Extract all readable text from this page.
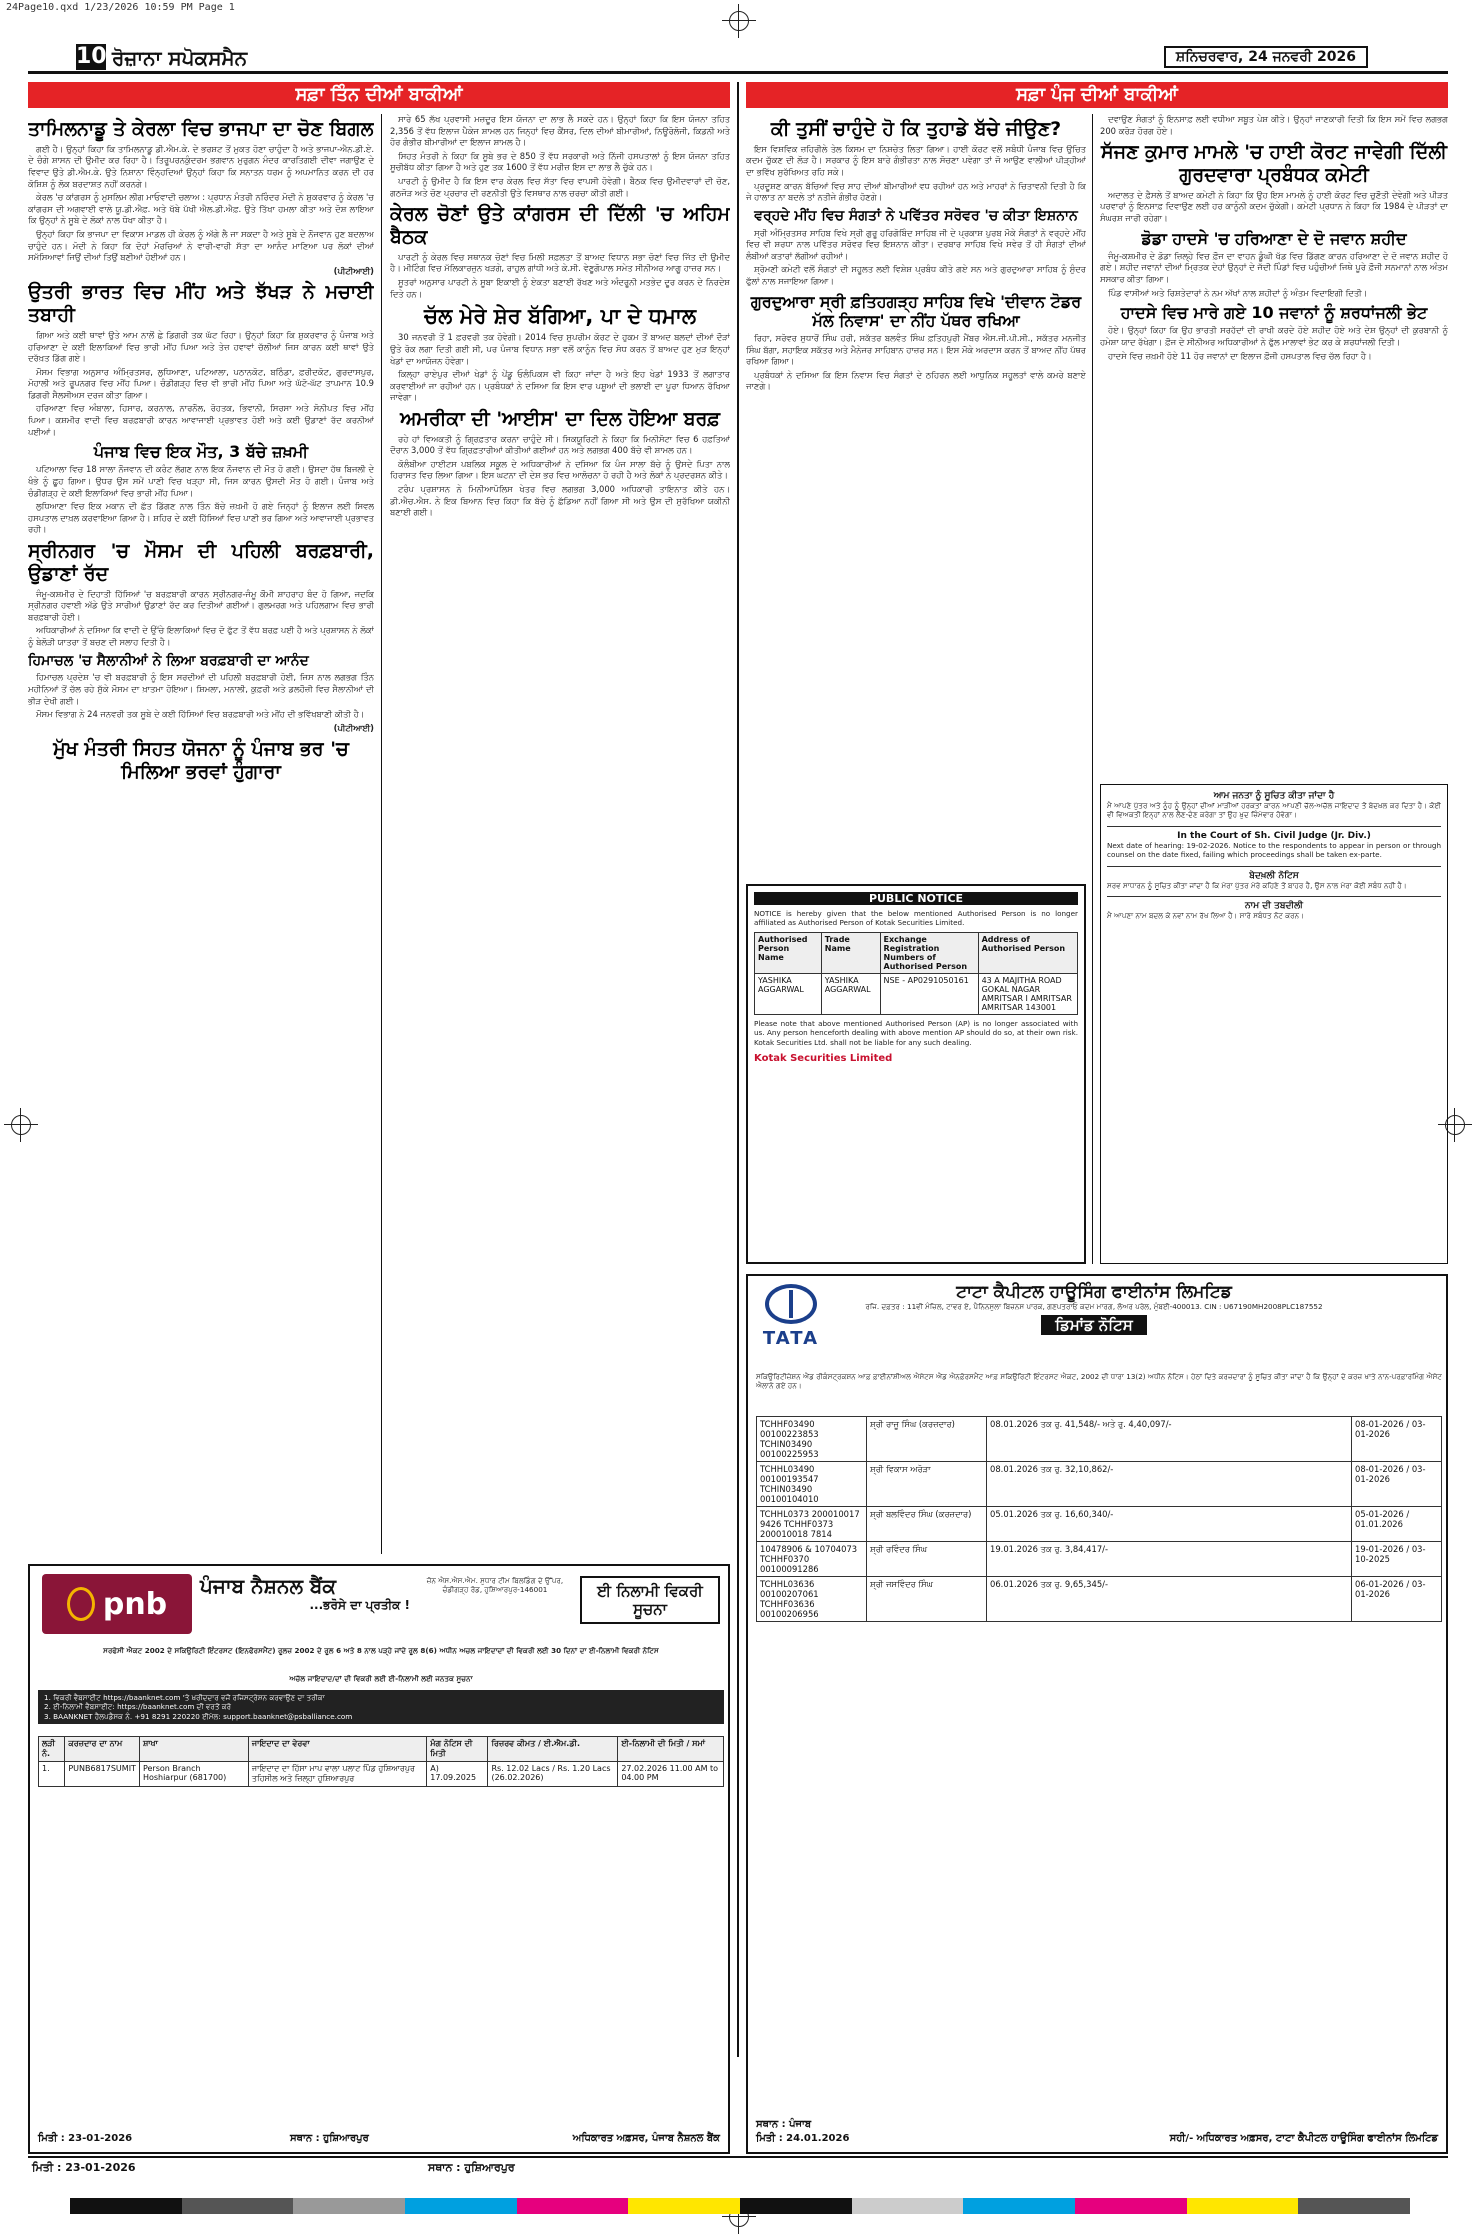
24Page10.qxd 1/23/2026 10:59 PM Page 1
10 ਰੋਜ਼ਾਨਾ ਸਪੋਕਸਮੈਨ	ਸ਼ਨਿਚਰਵਾਰ, 24 ਜਨਵਰੀ 2026
ਸਫ਼ਾ ਤਿੰਨ ਦੀਆਂ ਬਾਕੀਆਂ	ਸਫ਼ਾ ਪੰਜ ਦੀਆਂ ਬਾਕੀਆਂ
ਤਾਮਿਲਨਾਡੂ ਤੇ ਕੇਰਲਾ ਵਿਚ ਭਾਜਪਾ ਦਾ ਚੋਣ ਬਿਗਲ

ਗਈ ਹੈ। ਉਨ੍ਹਾਂ ਕਿਹਾ ਕਿ ਤਾਮਿਲਨਾਡੂ ਡੀ.ਐਮ.ਕੇ. ਦੇ ਭਰਸ਼ਟ ਤੋਂ ਮੁਕਤ ਹੋਣਾ ਚਾਹੁੰਦਾ ਹੈ ਅਤੇ ਭਾਜਪਾ-ਐਨ.ਡੀ.ਏ. ਦੇ ਚੰਗੇ ਸ਼ਾਸਨ ਦੀ ਉਮੀਦ ਕਰ ਰਿਹਾ ਹੈ। ਤਿਰੂਪਰਨਕੁੰਦਰਮ ਭਗਵਾਨ ਮੁਰੁਗਨ ਮੰਦਰ ਕਾਰਤਿਗਈ ਦੀਵਾ ਜਗਾਉਣ ਦੇ ਵਿਵਾਦ ਉਤੇ ਡੀ.ਐਮ.ਕੇ. ਉਤੇ ਨਿਸ਼ਾਨਾ ਵਿੰਨ੍ਹਦਿਆਂ ਉਨ੍ਹਾਂ ਕਿਹਾ ਕਿ ਸਨਾਤਨ ਧਰਮ ਨੂੰ ਅਪਮਾਨਿਤ ਕਰਨ ਦੀ ਹਰ ਕੋਸ਼ਿਸ਼ ਨੂੰ ਲੋਕ ਬਰਦਾਸ਼ਤ ਨਹੀਂ ਕਰਨਗੇ।

ਕੇਰਲ 'ਚ ਕਾਂਗਰਸ ਨੂੰ ਮੁਸਲਿਮ ਲੀਗ ਮਾਓਵਾਦੀ ਚਲਾਅ : ਪ੍ਰਧਾਨ ਮੰਤਰੀ ਨਰਿੰਦਰ ਮੋਦੀ ਨੇ ਸ਼ੁਕਰਵਾਰ ਨੂੰ ਕੇਰਲ 'ਚ ਕਾਂਗਰਸ ਦੀ ਅਗਵਾਈ ਵਾਲੇ ਯੂ.ਡੀ.ਐਫ਼. ਅਤੇ ਖੱਬੇ ਪੱਖੀ ਐਲ.ਡੀ.ਐਫ਼. ਉਤੇ ਤਿੱਖਾ ਹਮਲਾ ਕੀਤਾ ਅਤੇ ਦੋਸ਼ ਲਾਇਆ ਕਿ ਉਨ੍ਹਾਂ ਨੇ ਸੂਬੇ ਦੇ ਲੋਕਾਂ ਨਾਲ ਧੋਖਾ ਕੀਤਾ ਹੈ।

ਉਨ੍ਹਾਂ ਕਿਹਾ ਕਿ ਭਾਜਪਾ ਦਾ ਵਿਕਾਸ ਮਾਡਲ ਹੀ ਕੇਰਲ ਨੂੰ ਅੱਗੇ ਲੈ ਜਾ ਸਕਦਾ ਹੈ ਅਤੇ ਸੂਬੇ ਦੇ ਨੌਜਵਾਨ ਹੁਣ ਬਦਲਾਅ ਚਾਹੁੰਦੇ ਹਨ। ਮੋਦੀ ਨੇ ਕਿਹਾ ਕਿ ਦੋਹਾਂ ਮੋਰਚਿਆਂ ਨੇ ਵਾਰੀ-ਵਾਰੀ ਸੱਤਾ ਦਾ ਆਨੰਦ ਮਾਣਿਆ ਪਰ ਲੋਕਾਂ ਦੀਆਂ ਸਮੱਸਿਆਵਾਂ ਜਿਉਂ ਦੀਆਂ ਤਿਉਂ ਬਣੀਆਂ ਹੋਈਆਂ ਹਨ।

(ਪੀਟੀਆਈ)
ਉਤਰੀ ਭਾਰਤ ਵਿਚ ਮੀਂਹ ਅਤੇ ਝੱਖੜ ਨੇ ਮਚਾਈ ਤਬਾਹੀ

ਗਿਆ ਅਤੇ ਕਈ ਥਾਵਾਂ ਉਤੇ ਆਮ ਨਾਲੋਂ ਛੇ ਡਿਗਰੀ ਤਕ ਘੱਟ ਰਿਹਾ। ਉਨ੍ਹਾਂ ਕਿਹਾ ਕਿ ਸ਼ੁਕਰਵਾਰ ਨੂੰ ਪੰਜਾਬ ਅਤੇ ਹਰਿਆਣਾ ਦੇ ਕਈ ਇਲਾਕਿਆਂ ਵਿਚ ਭਾਰੀ ਮੀਂਹ ਪਿਆ ਅਤੇ ਤੇਜ਼ ਹਵਾਵਾਂ ਚੱਲੀਆਂ ਜਿਸ ਕਾਰਨ ਕਈ ਥਾਵਾਂ ਉਤੇ ਦਰੱਖ਼ਤ ਡਿੱਗ ਗਏ।

ਮੌਸਮ ਵਿਭਾਗ ਅਨੁਸਾਰ ਅੰਮ੍ਰਿਤਸਰ, ਲੁਧਿਆਣਾ, ਪਟਿਆਲਾ, ਪਠਾਨਕੋਟ, ਬਠਿੰਡਾ, ਫ਼ਰੀਦਕੋਟ, ਗੁਰਦਾਸਪੁਰ, ਮੋਹਾਲੀ ਅਤੇ ਰੂਪਨਗਰ ਵਿਚ ਮੀਂਹ ਪਿਆ। ਚੰਡੀਗੜ੍ਹ ਵਿਚ ਵੀ ਭਾਰੀ ਮੀਂਹ ਪਿਆ ਅਤੇ ਘੱਟੋ-ਘੱਟ ਤਾਪਮਾਨ 10.9 ਡਿਗਰੀ ਸੈਲਸੀਅਸ ਦਰਜ ਕੀਤਾ ਗਿਆ।

ਹਰਿਆਣਾ ਵਿਚ ਅੰਬਾਲਾ, ਹਿਸਾਰ, ਕਰਨਾਲ, ਨਾਰਨੌਲ, ਰੋਹਤਕ, ਭਿਵਾਨੀ, ਸਿਰਸਾ ਅਤੇ ਸੋਨੀਪਤ ਵਿਚ ਮੀਂਹ ਪਿਆ। ਕਸ਼ਮੀਰ ਵਾਦੀ ਵਿਚ ਬਰਫ਼ਬਾਰੀ ਕਾਰਨ ਆਵਾਜਾਈ ਪ੍ਰਭਾਵਤ ਹੋਈ ਅਤੇ ਕਈ ਉਡਾਣਾਂ ਰੱਦ ਕਰਨੀਆਂ ਪਈਆਂ।

ਪੰਜਾਬ ਵਿਚ ਇਕ ਮੌਤ, 3 ਬੱਚੇ ਜ਼ਖ਼ਮੀ

ਪਟਿਆਲਾ ਵਿਚ 18 ਸਾਲਾ ਨੌਜਵਾਨ ਦੀ ਕਰੰਟ ਲੱਗਣ ਨਾਲ ਇਕ ਨੌਜਵਾਨ ਦੀ ਮੌਤ ਹੋ ਗਈ। ਉਸਦਾ ਹੱਥ ਬਿਜਲੀ ਦੇ ਖੰਭੇ ਨੂੰ ਛੂਹ ਗਿਆ। ਉਧਰ ਉਸ ਸਮੇਂ ਪਾਣੀ ਵਿਚ ਖੜ੍ਹਾ ਸੀ, ਜਿਸ ਕਾਰਨ ਉਸਦੀ ਮੌਤ ਹੋ ਗਈ। ਪੰਜਾਬ ਅਤੇ ਚੰਡੀਗੜ੍ਹ ਦੇ ਕਈ ਇਲਾਕਿਆਂ ਵਿਚ ਭਾਰੀ ਮੀਂਹ ਪਿਆ।

ਲੁਧਿਆਣਾ ਵਿਚ ਇਕ ਮਕਾਨ ਦੀ ਛੱਤ ਡਿੱਗਣ ਨਾਲ ਤਿੰਨ ਬੱਚੇ ਜ਼ਖ਼ਮੀ ਹੋ ਗਏ ਜਿਨ੍ਹਾਂ ਨੂੰ ਇਲਾਜ ਲਈ ਸਿਵਲ ਹਸਪਤਾਲ ਦਾਖ਼ਲ ਕਰਵਾਇਆ ਗਿਆ ਹੈ। ਸ਼ਹਿਰ ਦੇ ਕਈ ਹਿੱਸਿਆਂ ਵਿਚ ਪਾਣੀ ਭਰ ਗਿਆ ਅਤੇ ਆਵਾਜਾਈ ਪ੍ਰਭਾਵਤ ਰਹੀ।

ਸ੍ਰੀਨਗਰ 'ਚ ਮੌਸਮ ਦੀ ਪਹਿਲੀ ਬਰਫ਼ਬਾਰੀ, ਉਡਾਣਾਂ ਰੱਦ

ਜੰਮੂ-ਕਸ਼ਮੀਰ ਦੇ ਦਿਹਾਤੀ ਹਿੱਸਿਆਂ 'ਚ ਬਰਫ਼ਬਾਰੀ ਕਾਰਨ ਸ੍ਰੀਨਗਰ-ਜੰਮੂ ਕੌਮੀ ਸ਼ਾਹਰਾਹ ਬੰਦ ਹੋ ਗਿਆ, ਜਦਕਿ ਸ੍ਰੀਨਗਰ ਹਵਾਈ ਅੱਡੇ ਉਤੇ ਸਾਰੀਆਂ ਉਡਾਣਾਂ ਰੱਦ ਕਰ ਦਿਤੀਆਂ ਗਈਆਂ। ਗੁਲਮਰਗ ਅਤੇ ਪਹਿਲਗਾਮ ਵਿਚ ਭਾਰੀ ਬਰਫ਼ਬਾਰੀ ਹੋਈ।

ਅਧਿਕਾਰੀਆਂ ਨੇ ਦਸਿਆ ਕਿ ਵਾਦੀ ਦੇ ਉੱਚੇ ਇਲਾਕਿਆਂ ਵਿਚ ਦੋ ਫੁੱਟ ਤੋਂ ਵੱਧ ਬਰਫ਼ ਪਈ ਹੈ ਅਤੇ ਪ੍ਰਸ਼ਾਸਨ ਨੇ ਲੋਕਾਂ ਨੂੰ ਬੇਲੋੜੀ ਯਾਤਰਾ ਤੋਂ ਬਚਣ ਦੀ ਸਲਾਹ ਦਿਤੀ ਹੈ।

ਹਿਮਾਚਲ 'ਚ ਸੈਲਾਨੀਆਂ ਨੇ ਲਿਆ ਬਰਫ਼ਬਾਰੀ ਦਾ ਆਨੰਦ

ਹਿਮਾਚਲ ਪ੍ਰਦੇਸ਼ 'ਚ ਵੀ ਬਰਫ਼ਬਾਰੀ ਨੂੰ ਇਸ ਸਰਦੀਆਂ ਦੀ ਪਹਿਲੀ ਬਰਫ਼ਬਾਰੀ ਹੋਈ, ਜਿਸ ਨਾਲ ਲਗਭਗ ਤਿੰਨ ਮਹੀਨਿਆਂ ਤੋਂ ਚੱਲ ਰਹੇ ਸੁੱਕੇ ਮੌਸਮ ਦਾ ਖ਼ਾਤਮਾ ਹੋਇਆ। ਸ਼ਿਮਲਾ, ਮਨਾਲੀ, ਕੁਫ਼ਰੀ ਅਤੇ ਡਲਹੌਜ਼ੀ ਵਿਚ ਸੈਲਾਨੀਆਂ ਦੀ ਭੀੜ ਦੇਖੀ ਗਈ।

ਮੌਸਮ ਵਿਭਾਗ ਨੇ 24 ਜਨਵਰੀ ਤਕ ਸੂਬੇ ਦੇ ਕਈ ਹਿੱਸਿਆਂ ਵਿਚ ਬਰਫ਼ਬਾਰੀ ਅਤੇ ਮੀਂਹ ਦੀ ਭਵਿੱਖਬਾਣੀ ਕੀਤੀ ਹੈ।

(ਪੀਟੀਆਈ)
ਮੁੱਖ ਮੰਤਰੀ ਸਿਹਤ ਯੋਜਨਾ ਨੂੰ ਪੰਜਾਬ ਭਰ 'ਚ ਮਿਲਿਆ ਭਰਵਾਂ ਹੁੰਗਾਰਾ

ਸਾਰੇ 65 ਲੱਖ ਪ੍ਰਵਾਸੀ ਮਜ਼ਦੂਰ ਇਸ ਯੋਜਨਾ ਦਾ ਲਾਭ ਲੈ ਸਕਦੇ ਹਨ। ਉਨ੍ਹਾਂ ਕਿਹਾ ਕਿ ਇਸ ਯੋਜਨਾ ਤਹਿਤ 2,356 ਤੋਂ ਵੱਧ ਇਲਾਜ ਪੈਕੇਜ ਸ਼ਾਮਲ ਹਨ ਜਿਨ੍ਹਾਂ ਵਿਚ ਕੈਂਸਰ, ਦਿਲ ਦੀਆਂ ਬੀਮਾਰੀਆਂ, ਨਿਊਰੋਲੋਜੀ, ਕਿਡਨੀ ਅਤੇ ਹੋਰ ਗੰਭੀਰ ਬੀਮਾਰੀਆਂ ਦਾ ਇਲਾਜ ਸ਼ਾਮਲ ਹੈ।

ਸਿਹਤ ਮੰਤਰੀ ਨੇ ਕਿਹਾ ਕਿ ਸੂਬੇ ਭਰ ਦੇ 850 ਤੋਂ ਵੱਧ ਸਰਕਾਰੀ ਅਤੇ ਨਿੱਜੀ ਹਸਪਤਾਲਾਂ ਨੂੰ ਇਸ ਯੋਜਨਾ ਤਹਿਤ ਸੂਚੀਬੱਧ ਕੀਤਾ ਗਿਆ ਹੈ ਅਤੇ ਹੁਣ ਤਕ 1600 ਤੋਂ ਵੱਧ ਮਰੀਜ਼ ਇਸ ਦਾ ਲਾਭ ਲੈ ਚੁੱਕੇ ਹਨ।

ਪਾਰਟੀ ਨੂੰ ਉਮੀਦ ਹੈ ਕਿ ਇਸ ਵਾਰ ਕੇਰਲ ਵਿਚ ਸੱਤਾ ਵਿਚ ਵਾਪਸੀ ਹੋਵੇਗੀ। ਬੈਠਕ ਵਿਚ ਉਮੀਦਵਾਰਾਂ ਦੀ ਚੋਣ, ਗਠਜੋੜ ਅਤੇ ਚੋਣ ਪ੍ਰਚਾਰ ਦੀ ਰਣਨੀਤੀ ਉਤੇ ਵਿਸਥਾਰ ਨਾਲ ਚਰਚਾ ਕੀਤੀ ਗਈ।

ਕੇਰਲ ਚੋਣਾਂ ਉਤੇ ਕਾਂਗਰਸ ਦੀ ਦਿੱਲੀ 'ਚ ਅਹਿਮ ਬੈਠਕ

ਪਾਰਟੀ ਨੂੰ ਕੇਰਲ ਵਿਚ ਸਥਾਨਕ ਚੋਣਾਂ ਵਿਚ ਮਿਲੀ ਸਫ਼ਲਤਾ ਤੋਂ ਬਾਅਦ ਵਿਧਾਨ ਸਭਾ ਚੋਣਾਂ ਵਿਚ ਜਿੱਤ ਦੀ ਉਮੀਦ ਹੈ। ਮੀਟਿੰਗ ਵਿਚ ਮੱਲਿਕਾਰਜੁਨ ਖੜਗੇ, ਰਾਹੁਲ ਗਾਂਧੀ ਅਤੇ ਕੇ.ਸੀ. ਵੇਣੂਗੋਪਾਲ ਸਮੇਤ ਸੀਨੀਅਰ ਆਗੂ ਹਾਜ਼ਰ ਸਨ।

ਸੂਤਰਾਂ ਅਨੁਸਾਰ ਪਾਰਟੀ ਨੇ ਸੂਬਾ ਇਕਾਈ ਨੂੰ ਏਕਤਾ ਬਣਾਈ ਰੱਖਣ ਅਤੇ ਅੰਦਰੂਨੀ ਮਤਭੇਦ ਦੂਰ ਕਰਨ ਦੇ ਨਿਰਦੇਸ਼ ਦਿਤੇ ਹਨ।

ਚੱਲ ਮੇਰੇ ਸ਼ੇਰ ਬੱਗਿਆ, ਪਾ ਦੇ ਧਮਾਲ

30 ਜਨਵਰੀ ਤੋਂ 1 ਫ਼ਰਵਰੀ ਤਕ ਹੋਵੇਗੀ। 2014 ਵਿਚ ਸੁਪਰੀਮ ਕੋਰਟ ਦੇ ਹੁਕਮ ਤੋਂ ਬਾਅਦ ਬਲਦਾਂ ਦੀਆਂ ਦੌੜਾਂ ਉਤੇ ਰੋਕ ਲਗਾ ਦਿਤੀ ਗਈ ਸੀ, ਪਰ ਪੰਜਾਬ ਵਿਧਾਨ ਸਭਾ ਵਲੋਂ ਕਾਨੂੰਨ ਵਿਚ ਸੋਧ ਕਰਨ ਤੋਂ ਬਾਅਦ ਹੁਣ ਮੁੜ ਇਨ੍ਹਾਂ ਖੇਡਾਂ ਦਾ ਆਯੋਜਨ ਹੋਵੇਗਾ।

ਕਿਲ੍ਹਾ ਰਾਏਪੁਰ ਦੀਆਂ ਖੇਡਾਂ ਨੂੰ ਪੇਂਡੂ ਓਲੰਪਿਕਸ ਵੀ ਕਿਹਾ ਜਾਂਦਾ ਹੈ ਅਤੇ ਇਹ ਖੇਡਾਂ 1933 ਤੋਂ ਲਗਾਤਾਰ ਕਰਵਾਈਆਂ ਜਾ ਰਹੀਆਂ ਹਨ। ਪ੍ਰਬੰਧਕਾਂ ਨੇ ਦਸਿਆ ਕਿ ਇਸ ਵਾਰ ਪਸ਼ੂਆਂ ਦੀ ਭਲਾਈ ਦਾ ਪੂਰਾ ਧਿਆਨ ਰੱਖਿਆ ਜਾਵੇਗਾ।

ਅਮਰੀਕਾ ਦੀ 'ਆਈਸ' ਦਾ ਦਿਲ ਹੋਇਆ ਬਰਫ਼

ਰਹੇ ਹਾਂ ਵਿਅਕਤੀ ਨੂੰ ਗ੍ਰਿਫ਼ਤਾਰ ਕਰਨਾ ਚਾਹੁੰਦੇ ਸੀ। ਸਿਕਯੂਰਿਟੀ ਨੇ ਕਿਹਾ ਕਿ ਮਿਨੀਸੋਟਾ ਵਿਚ 6 ਹਫ਼ਤਿਆਂ ਦੌਰਾਨ 3,000 ਤੋਂ ਵੱਧ ਗ੍ਰਿਫ਼ਤਾਰੀਆਂ ਕੀਤੀਆਂ ਗਈਆਂ ਹਨ ਅਤੇ ਲਗਭਗ 400 ਬੱਚੇ ਵੀ ਸ਼ਾਮਲ ਹਨ।

ਕੋਲੰਬੀਆ ਹਾਈਟਸ ਪਬਲਿਕ ਸਕੂਲ ਦੇ ਅਧਿਕਾਰੀਆਂ ਨੇ ਦਸਿਆ ਕਿ ਪੰਜ ਸਾਲਾ ਬੱਚੇ ਨੂੰ ਉਸਦੇ ਪਿਤਾ ਨਾਲ ਹਿਰਾਸਤ ਵਿਚ ਲਿਆ ਗਿਆ। ਇਸ ਘਟਨਾ ਦੀ ਦੇਸ਼ ਭਰ ਵਿਚ ਆਲੋਚਨਾ ਹੋ ਰਹੀ ਹੈ ਅਤੇ ਲੋਕਾਂ ਨੇ ਪ੍ਰਦਰਸ਼ਨ ਕੀਤੇ।

ਟਰੰਪ ਪ੍ਰਸ਼ਾਸਨ ਨੇ ਮਿਨੀਆਪੋਲਿਸ ਖੇਤਰ ਵਿਚ ਲਗਭਗ 3,000 ਅਧਿਕਾਰੀ ਤਾਇਨਾਤ ਕੀਤੇ ਹਨ। ਡੀ.ਐਚ.ਐਸ. ਨੇ ਇਕ ਬਿਆਨ ਵਿਚ ਕਿਹਾ ਕਿ ਬੱਚੇ ਨੂੰ ਛੱਡਿਆ ਨਹੀਂ ਗਿਆ ਸੀ ਅਤੇ ਉਸ ਦੀ ਸੁਰੱਖਿਆ ਯਕੀਨੀ ਬਣਾਈ ਗਈ।

ਕੀ ਤੁਸੀਂ ਚਾਹੁੰਦੇ ਹੋ ਕਿ ਤੁਹਾਡੇ ਬੱਚੇ ਜੀਉਣ?

ਇਸ ਵਿਸ਼ਵਿਕ ਜ਼ਹਿਰੀਲੇ ਤੇਲ ਕਿਸਮ ਦਾ ਨਿਸ਼ਚੇਤ ਲਿਤਾ ਗਿਆ। ਹਾਈ ਕੋਰਟ ਵਲੋਂ ਸਬੰਧੀ ਪੰਜਾਬ ਵਿਚ ਉਚਿਤ ਕਦਮ ਚੁੱਕਣ ਦੀ ਲੋੜ ਹੈ। ਸਰਕਾਰ ਨੂੰ ਇਸ ਬਾਰੇ ਗੰਭੀਰਤਾ ਨਾਲ ਸੋਚਣਾ ਪਵੇਗਾ ਤਾਂ ਜੋ ਆਉਣ ਵਾਲੀਆਂ ਪੀੜ੍ਹੀਆਂ ਦਾ ਭਵਿੱਖ ਸੁਰੱਖਿਅਤ ਰਹਿ ਸਕੇ।

ਪ੍ਰਦੂਸ਼ਣ ਕਾਰਨ ਬੱਚਿਆਂ ਵਿਚ ਸਾਹ ਦੀਆਂ ਬੀਮਾਰੀਆਂ ਵਧ ਰਹੀਆਂ ਹਨ ਅਤੇ ਮਾਹਰਾਂ ਨੇ ਚਿਤਾਵਨੀ ਦਿਤੀ ਹੈ ਕਿ ਜੇ ਹਾਲਾਤ ਨਾ ਬਦਲੇ ਤਾਂ ਨਤੀਜੇ ਗੰਭੀਰ ਹੋਣਗੇ।

ਵਰ੍ਹਦੇ ਮੀਂਹ ਵਿਚ ਸੰਗਤਾਂ ਨੇ ਪਵਿੱਤਰ ਸਰੋਵਰ 'ਚ ਕੀਤਾ ਇਸ਼ਨਾਨ

ਸ੍ਰੀ ਅੰਮ੍ਰਿਤਸਰ ਸਾਹਿਬ ਵਿਖੇ ਸ੍ਰੀ ਗੁਰੂ ਹਰਿਗੋਬਿੰਦ ਸਾਹਿਬ ਜੀ ਦੇ ਪ੍ਰਕਾਸ਼ ਪੁਰਬ ਮੌਕੇ ਸੰਗਤਾਂ ਨੇ ਵਰ੍ਹਦੇ ਮੀਂਹ ਵਿਚ ਵੀ ਸ਼ਰਧਾ ਨਾਲ ਪਵਿੱਤਰ ਸਰੋਵਰ ਵਿਚ ਇਸ਼ਨਾਨ ਕੀਤਾ। ਦਰਬਾਰ ਸਾਹਿਬ ਵਿਖੇ ਸਵੇਰ ਤੋਂ ਹੀ ਸੰਗਤਾਂ ਦੀਆਂ ਲੰਬੀਆਂ ਕਤਾਰਾਂ ਲੱਗੀਆਂ ਰਹੀਆਂ।

ਸ਼੍ਰੋਮਣੀ ਕਮੇਟੀ ਵਲੋਂ ਸੰਗਤਾਂ ਦੀ ਸਹੂਲਤ ਲਈ ਵਿਸ਼ੇਸ਼ ਪ੍ਰਬੰਧ ਕੀਤੇ ਗਏ ਸਨ ਅਤੇ ਗੁਰਦੁਆਰਾ ਸਾਹਿਬ ਨੂੰ ਸੁੰਦਰ ਫੁੱਲਾਂ ਨਾਲ ਸਜਾਇਆ ਗਿਆ।

ਗੁਰਦੁਆਰਾ ਸ੍ਰੀ ਫ਼ਤਿਹਗੜ੍ਹ ਸਾਹਿਬ ਵਿਖੇ 'ਦੀਵਾਨ ਟੋਡਰ ਮੱਲ ਨਿਵਾਸ' ਦਾ ਨੀਂਹ ਪੱਥਰ ਰਖਿਆ

ਰਿਹਾ, ਸਰੋਵਰ ਸੁਧਾਰੋਂ ਸਿੰਘ ਹਰੀ, ਸਕੱਤਰ ਬਲਵੰਤ ਸਿੰਘ ਫ਼ਤਿਹਪੁਰੀ ਮੈਂਬਰ ਐਸ.ਜੀ.ਪੀ.ਸੀ., ਸਕੱਤਰ ਮਨਜੀਤ ਸਿੰਘ ਬੱਗਾ, ਸਹਾਇਕ ਸਕੱਤਰ ਅਤੇ ਮੈਨੇਜਰ ਸਾਹਿਬਾਨ ਹਾਜ਼ਰ ਸਨ। ਇਸ ਮੌਕੇ ਅਰਦਾਸ ਕਰਨ ਤੋਂ ਬਾਅਦ ਨੀਂਹ ਪੱਥਰ ਰਖਿਆ ਗਿਆ।

ਪ੍ਰਬੰਧਕਾਂ ਨੇ ਦਸਿਆ ਕਿ ਇਸ ਨਿਵਾਸ ਵਿਚ ਸੰਗਤਾਂ ਦੇ ਠਹਿਰਨ ਲਈ ਆਧੁਨਿਕ ਸਹੂਲਤਾਂ ਵਾਲੇ ਕਮਰੇ ਬਣਾਏ ਜਾਣਗੇ।

ਦਵਾਉਣ ਸੰਗਤਾਂ ਨੂੰ ਇਨਸਾਫ਼ ਲਈ ਵਧੀਆ ਸਬੂਤ ਪੇਸ਼ ਕੀਤੇ। ਉਨ੍ਹਾਂ ਜਾਣਕਾਰੀ ਦਿਤੀ ਕਿ ਇਸ ਸਮੇਂ ਵਿਚ ਲਗਭਗ 200 ਕਰੋੜ ਹੋਰਗ ਹੋਏ।

ਸੱਜਣ ਕੁਮਾਰ ਮਾਮਲੇ 'ਚ ਹਾਈ ਕੋਰਟ ਜਾਵੇਗੀ ਦਿੱਲੀ ਗੁਰਦਵਾਰਾ ਪ੍ਰਬੰਧਕ ਕਮੇਟੀ

ਅਦਾਲਤ ਦੇ ਫ਼ੈਸਲੇ ਤੋਂ ਬਾਅਦ ਕਮੇਟੀ ਨੇ ਕਿਹਾ ਕਿ ਉਹ ਇਸ ਮਾਮਲੇ ਨੂੰ ਹਾਈ ਕੋਰਟ ਵਿਚ ਚੁਣੌਤੀ ਦੇਵੇਗੀ ਅਤੇ ਪੀੜਤ ਪਰਵਾਰਾਂ ਨੂੰ ਇਨਸਾਫ਼ ਦਿਵਾਉਣ ਲਈ ਹਰ ਕਾਨੂੰਨੀ ਕਦਮ ਚੁੱਕੇਗੀ। ਕਮੇਟੀ ਪ੍ਰਧਾਨ ਨੇ ਕਿਹਾ ਕਿ 1984 ਦੇ ਪੀੜਤਾਂ ਦਾ ਸੰਘਰਸ਼ ਜਾਰੀ ਰਹੇਗਾ।

ਡੋਡਾ ਹਾਦਸੇ 'ਚ ਹਰਿਆਣਾ ਦੇ ਦੋ ਜਵਾਨ ਸ਼ਹੀਦ

ਜੰਮੂ-ਕਸ਼ਮੀਰ ਦੇ ਡੋਡਾ ਜ਼ਿਲ੍ਹੇ ਵਿਚ ਫ਼ੌਜ ਦਾ ਵਾਹਨ ਡੂੰਘੀ ਖੱਡ ਵਿਚ ਡਿੱਗਣ ਕਾਰਨ ਹਰਿਆਣਾ ਦੇ ਦੋ ਜਵਾਨ ਸ਼ਹੀਦ ਹੋ ਗਏ। ਸ਼ਹੀਦ ਜਵਾਨਾਂ ਦੀਆਂ ਮ੍ਰਿਤਕ ਦੇਹਾਂ ਉਨ੍ਹਾਂ ਦੇ ਜੱਦੀ ਪਿੰਡਾਂ ਵਿਚ ਪਹੁੰਚੀਆਂ ਜਿਥੇ ਪੂਰੇ ਫ਼ੌਜੀ ਸਨਮਾਨਾਂ ਨਾਲ ਅੰਤਮ ਸਸਕਾਰ ਕੀਤਾ ਗਿਆ।

ਪਿੰਡ ਵਾਸੀਆਂ ਅਤੇ ਰਿਸ਼ਤੇਦਾਰਾਂ ਨੇ ਨਮ ਅੱਖਾਂ ਨਾਲ ਸ਼ਹੀਦਾਂ ਨੂੰ ਅੰਤਮ ਵਿਦਾਇਗੀ ਦਿਤੀ।

ਹਾਦਸੇ ਵਿਚ ਮਾਰੇ ਗਏ 10 ਜਵਾਨਾਂ ਨੂੰ ਸ਼ਰਧਾਂਜਲੀ ਭੇਟ

ਹੋਏ। ਉਨ੍ਹਾਂ ਕਿਹਾ ਕਿ ਉਹ ਭਾਰਤੀ ਸਰਹੱਦਾਂ ਦੀ ਰਾਖੀ ਕਰਦੇ ਹੋਏ ਸ਼ਹੀਦ ਹੋਏ ਅਤੇ ਦੇਸ਼ ਉਨ੍ਹਾਂ ਦੀ ਕੁਰਬਾਨੀ ਨੂੰ ਹਮੇਸ਼ਾ ਯਾਦ ਰੱਖੇਗਾ। ਫ਼ੌਜ ਦੇ ਸੀਨੀਅਰ ਅਧਿਕਾਰੀਆਂ ਨੇ ਫੁੱਲ ਮਾਲਾਵਾਂ ਭੇਟ ਕਰ ਕੇ ਸ਼ਰਧਾਂਜਲੀ ਦਿਤੀ।

ਹਾਦਸੇ ਵਿਚ ਜ਼ਖ਼ਮੀ ਹੋਏ 11 ਹੋਰ ਜਵਾਨਾਂ ਦਾ ਇਲਾਜ ਫ਼ੌਜੀ ਹਸਪਤਾਲ ਵਿਚ ਚੱਲ ਰਿਹਾ ਹੈ।

ਆਮ ਜਨਤਾ ਨੂੰ ਸੂਚਿਤ ਕੀਤਾ ਜਾਂਦਾ ਹੈ
ਮੈਂ ਆਪਣੇ ਪੁੱਤਰ ਅਤੇ ਨੂੰਹ ਨੂੰ ਉਨ੍ਹਾਂ ਦੀਆਂ ਮਾੜੀਆਂ ਹਰਕਤਾਂ ਕਾਰਨ ਆਪਣੀ ਚੱਲ-ਅਚੱਲ ਜਾਇਦਾਦ ਤੋਂ ਬੇਦਖ਼ਲ ਕਰ ਦਿਤਾ ਹੈ। ਕੋਈ ਵੀ ਵਿਅਕਤੀ ਇਨ੍ਹਾਂ ਨਾਲ ਲੈਣ-ਦੇਣ ਕਰੇਗਾ ਤਾਂ ਉਹ ਖ਼ੁਦ ਜ਼ਿੰਮੇਵਾਰ ਹੋਵੇਗਾ।
In the Court of Sh. Civil Judge (Jr. Div.)
Next date of hearing: 19-02-2026. Notice to the respondents to appear in person or through counsel on the date fixed, failing which proceedings shall be taken ex-parte.
ਬੇਦਖ਼ਲੀ ਨੋਟਿਸ
ਸਰਵ ਸਾਧਾਰਨ ਨੂੰ ਸੂਚਿਤ ਕੀਤਾ ਜਾਂਦਾ ਹੈ ਕਿ ਮੇਰਾ ਪੁੱਤਰ ਮੇਰੇ ਕਹਿਣੇ ਤੋਂ ਬਾਹਰ ਹੈ, ਉਸ ਨਾਲ ਮੇਰਾ ਕੋਈ ਸਬੰਧ ਨਹੀਂ ਹੈ।
ਨਾਮ ਦੀ ਤਬਦੀਲੀ
ਮੈਂ ਆਪਣਾ ਨਾਮ ਬਦਲ ਕੇ ਨਵਾਂ ਨਾਮ ਰੱਖ ਲਿਆ ਹੈ। ਸਾਰੇ ਸਬੰਧਤ ਨੋਟ ਕਰਨ।
PUBLIC NOTICE
NOTICE is hereby given that the below mentioned Authorised Person is no longer affiliated as Authorised Person of Kotak Securities Limited.
Authorised Person Name	Trade Name	Exchange Registration Numbers of Authorised Person	Address of Authorised Person
YASHIKA AGGARWAL	YASHIKA AGGARWAL	NSE - AP0291050161	43 A MAJITHA ROAD GOKAL NAGAR AMRITSAR I AMRITSAR AMRITSAR 143001
Please note that above mentioned Authorised Person (AP) is no longer associated with us. Any person henceforth dealing with above mention AP should do so, at their own risk. Kotak Securities Ltd. shall not be liable for any such dealing.
Kotak Securities Limited
TATA
ਟਾਟਾ ਕੈਪੀਟਲ ਹਾਊਸਿੰਗ ਫਾਈਨਾਂਸ ਲਿਮਟਿਡ
ਰਜਿ. ਦਫ਼ਤਰ : 11ਵੀਂ ਮੰਜ਼ਿਲ, ਟਾਵਰ ਏ, ਪੈਨਿਨਸੁਲਾ ਬਿਜ਼ਨਸ ਪਾਰਕ, ਗਣਪਤਰਾਓ ਕਦਮ ਮਾਰਗ, ਲੋਅਰ ਪਰੇਲ, ਮੁੰਬਈ-400013. CIN : U67190MH2008PLC187552
ਡਿਮਾਂਡ ਨੋਟਿਸ
ਸਕਿਉਰਿਟੀਜ਼ੇਸ਼ਨ ਐਂਡ ਰੀਕੰਸਟ੍ਰਕਸ਼ਨ ਆਫ਼ ਫ਼ਾਈਨਾਂਸ਼ੀਅਲ ਐਸੇਟਸ ਐਂਡ ਐਨਫ਼ੋਰਸਮੈਂਟ ਆਫ਼ ਸਕਿਉਰਿਟੀ ਇੰਟਰਸਟ ਐਕਟ, 2002 ਦੀ ਧਾਰਾ 13(2) ਅਧੀਨ ਨੋਟਿਸ। ਹੇਠਾਂ ਦਿਤੇ ਕਰਜ਼ਦਾਰਾਂ ਨੂੰ ਸੂਚਿਤ ਕੀਤਾ ਜਾਂਦਾ ਹੈ ਕਿ ਉਨ੍ਹਾਂ ਦੇ ਕਰਜ਼ ਖਾਤੇ ਨਾਨ-ਪਰਫ਼ਾਰਮਿੰਗ ਐਸੇਟ ਐਲਾਨੇ ਗਏ ਹਨ।
TCHHF03490 00100223853 TCHIN03490 00100225953	ਸ਼੍ਰੀ ਰਾਜੂ ਸਿੰਘ (ਕਰਜ਼ਦਾਰ)	08.01.2026 ਤਕ ਰੁ. 41,548/- ਅਤੇ ਰੁ. 4,40,097/-	08-01-2026 / 03-01-2026
TCHHL03490 00100193547 TCHIN03490 00100104010	ਸ਼੍ਰੀ ਵਿਕਾਸ ਅਰੋੜਾ	08.01.2026 ਤਕ ਰੁ. 32,10,862/-	08-01-2026 / 03-01-2026
TCHHL0373 200010017 9426 TCHHF0373 200010018 7814	ਸ਼੍ਰੀ ਬਲਵਿੰਦਰ ਸਿੰਘ (ਕਰਜ਼ਦਾਰ)	05.01.2026 ਤਕ ਰੁ. 16,60,340/-	05-01-2026 / 01.01.2026
10478906 & 10704073 TCHHF0370 00100091286	ਸ਼੍ਰੀ ਰਵਿੰਦਰ ਸਿੰਘ	19.01.2026 ਤਕ ਰੁ. 3,84,417/-	19-01-2026 / 03-10-2025
TCHHL03636 00100207061 TCHHF03636 00100206956	ਸ਼੍ਰੀ ਜਸਵਿੰਦਰ ਸਿੰਘ	06.01.2026 ਤਕ ਰੁ. 9,65,345/-	06-01-2026 / 03-01-2026
ਮਿਤੀ : 24.01.2026
ਸਥਾਨ : ਪੰਜਾਬ
ਸਹੀ/- ਅਧਿਕਾਰਤ ਅਫ਼ਸਰ, ਟਾਟਾ ਕੈਪੀਟਲ ਹਾਊਸਿੰਗ ਫਾਈਨਾਂਸ ਲਿਮਟਿਡ
pnb
ਪੰਜਾਬ ਨੈਸ਼ਨਲ ਬੈਂਕ
...ਭਰੋਸੇ ਦਾ ਪ੍ਰਤੀਕ !
ਜ਼ੋਨ ਐਸ.ਐਸ.ਐਮ. ਸੁਧਾਰ ਟੀਮ ਬਿਲਡਿੰਗ ਦੇ ਉੱਪਰ, ਚੰਡੀਗੜ੍ਹ ਰੋਡ, ਹੁਸ਼ਿਆਰਪੁਰ-146001	ਈ ਨਿਲਾਮੀ ਵਿਕਰੀ ਸੂਚਨਾ
ਸਰਫੇਸੀ ਐਕਟ 2002 ਦੇ ਸਕਿਉਰਿਟੀ ਇੰਟਰਸਟ (ਇਨਫੋਰਸਮੈਂਟ) ਰੂਲਜ਼ 2002 ਦੇ ਰੂਲ 6 ਅਤੇ 8 ਨਾਲ ਪੜ੍ਹੇ ਜਾਂਦੇ ਰੂਲ 8(6) ਅਧੀਨ ਅਚਲ ਜਾਇਦਾਦਾਂ ਦੀ ਵਿਕਰੀ ਲਈ 30 ਦਿਨਾਂ ਦਾ ਈ-ਨਿਲਾਮੀ ਵਿਕਰੀ ਨੋਟਿਸ
ਅਚੱਲ ਜਾਇਦਾਦ/ਦਾਂ ਦੀ ਵਿਕਰੀ ਲਈ ਈ-ਨਿਲਾਮੀ ਲਈ ਜਨਤਕ ਸੂਚਨਾ
1. ਵਿਕਰੀ ਵੈਬਸਾਈਟ https://baanknet.com 'ਤੇ ਖ਼ਰੀਦਦਾਰ ਵਜੋਂ ਰਜਿਸਟ੍ਰੇਸ਼ਨ ਕਰਵਾਉਣ ਦਾ ਤਰੀਕਾ
2. ਈ-ਨਿਲਾਮੀ ਵੈਬਸਾਈਟ: https://baanknet.com ਦੀ ਵਰਤੋਂ ਕਰੋ
3. BAANKNET ਹੈਲਪਡੈਸਕ ਨੰ. +91 8291 220220 ਈਮੇਲ: support.baanknet@psballiance.com
ਲੜੀ ਨੰ.	ਕਰਜ਼ਦਾਰ ਦਾ ਨਾਮ	ਸ਼ਾਖਾ	ਜਾਇਦਾਦ ਦਾ ਵੇਰਵਾ	ਮੰਗ ਨੋਟਿਸ ਦੀ ਮਿਤੀ	ਰਿਜ਼ਰਵ ਕੀਮਤ / ਈ.ਐਮ.ਡੀ.	ਈ-ਨਿਲਾਮੀ ਦੀ ਮਿਤੀ / ਸਮਾਂ
1.	PUNB6817SUMIT	Person Branch Hoshiarpur (681700)	ਜਾਇਦਾਦ ਦਾ ਹਿੱਸਾ ਮਾਪ ਵਾਲਾ ਪਲਾਟ ਪਿੰਡ ਹੁਸ਼ਿਆਰਪੁਰ ਤਹਿਸੀਲ ਅਤੇ ਜ਼ਿਲ੍ਹਾ ਹੁਸ਼ਿਆਰਪੁਰ	A) 17.09.2025	Rs. 12.02 Lacs / Rs. 1.20 Lacs (26.02.2026)	27.02.2026 11.00 AM to 04.00 PM
ਮਿਤੀ : 23-01-2026	ਸਥਾਨ : ਹੁਸ਼ਿਆਰਪੁਰ	ਅਧਿਕਾਰਤ ਅਫ਼ਸਰ, ਪੰਜਾਬ ਨੈਸ਼ਨਲ ਬੈਂਕ
ਮਿਤੀ : 23-01-2026	ਸਥਾਨ : ਹੁਸ਼ਿਆਰਪੁਰ
